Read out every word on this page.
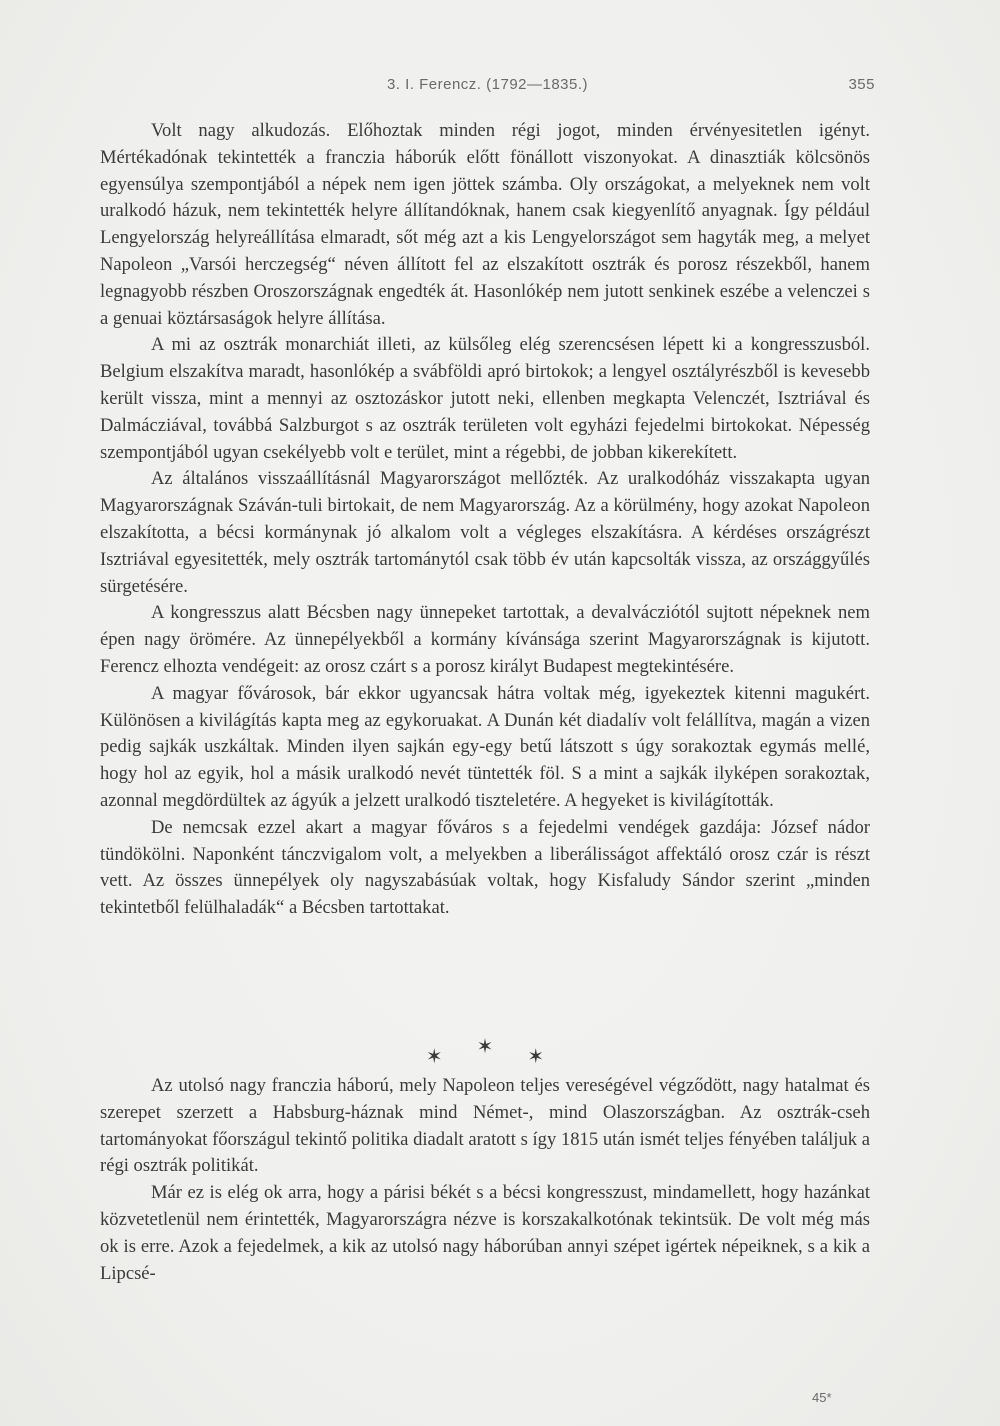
3. I. Ferencz. (1792—1835.)	355

Volt nagy alkudozás. Előhoztak minden régi jogot, minden érvényesitetlen igényt. Mértékadónak tekintették a franczia háborúk előtt fönállott viszonyokat. A dinasztiák kölcsönös egyensúlya szempontjából a népek nem igen jöttek számba. Oly országokat, a melyeknek nem volt uralkodó házuk, nem tekintették helyre állítandóknak, hanem csak kiegyenlítő anyagnak. Így például Lengyelország helyreállítása elmaradt, sőt még azt a kis Lengyelországot sem hagyták meg, a melyet Napoleon „Varsói herczegség“ néven állított fel az elszakított osztrák és porosz részekből, hanem legnagyobb részben Oroszországnak engedték át. Hasonlókép nem jutott senkinek eszébe a velenczei s a genuai köztársaságok helyre állítása.

A mi az osztrák monarchiát illeti, az külsőleg elég szerencsésen lépett ki a kongresszusból. Belgium elszakítva maradt, hasonlókép a svábföldi apró birtokok; a lengyel osztályrészből is kevesebb került vissza, mint a mennyi az osztozáskor jutott neki, ellenben megkapta Velenczét, Isztriával és Dalmácziával, továbbá Salzburgot s az osztrák területen volt egyházi fejedelmi birtokokat. Népesség szempontjából ugyan csekélyebb volt e terület, mint a régebbi, de jobban kikerekített.

Az általános visszaállításnál Magyarországot mellőzték. Az uralkodóház visszakapta ugyan Magyarországnak Száván-tuli birtokait, de nem Magyarország. Az a körülmény, hogy azokat Napoleon elszakította, a bécsi kormánynak jó alkalom volt a végleges elszakításra. A kérdéses országrészt Isztriával egyesitették, mely osztrák tartománytól csak több év után kapcsolták vissza, az országgyűlés sürgetésére.

A kongresszus alatt Bécsben nagy ünnepeket tartottak, a devalvácziótól sujtott népeknek nem épen nagy örömére. Az ünnepélyekből a kormány kívánsága szerint Magyarországnak is kijutott. Ferencz elhozta vendégeit: az orosz czárt s a porosz királyt Budapest megtekintésére.

A magyar fővárosok, bár ekkor ugyancsak hátra voltak még, igyekeztek kitenni magukért. Különösen a kivilágítás kapta meg az egykoruakat. A Dunán két diadalív volt felállítva, magán a vizen pedig sajkák uszkáltak. Minden ilyen sajkán egy-egy betű látszott s úgy sorakoztak egymás mellé, hogy hol az egyik, hol a másik uralkodó nevét tüntették föl. S a mint a sajkák ilyképen sorakoztak, azonnal megdördültek az ágyúk a jelzett uralkodó tiszteletére. A hegyeket is kivilágították.

De nemcsak ezzel akart a magyar főváros s a fejedelmi vendégek gazdája: József nádor tündökölni. Naponként tánczvigalom volt, a melyekben a liberálisságot affektáló orosz czár is részt vett. Az összes ünnepélyek oly nagyszabásúak voltak, hogy Kisfaludy Sándor szerint „minden tekintetből felülhaladák“ a Bécsben tartottakat.

✶ ✶ ✶

Az utolsó nagy franczia háború, mely Napoleon teljes vereségével végződött, nagy hatalmat és szerepet szerzett a Habsburg-háznak mind Német-, mind Olaszországban. Az osztrák-cseh tartományokat főországul tekintő politika diadalt aratott s így 1815 után ismét teljes fényében találjuk a régi osztrák politikát.

Már ez is elég ok arra, hogy a párisi békét s a bécsi kongresszust, mindamellett, hogy hazánkat közvetetlenül nem érintették, Magyarországra nézve is korszakalkotónak tekintsük. De volt még más ok is erre. Azok a fejedelmek, a kik az utolsó nagy háborúban annyi szépet igértek népeiknek, s a kik a Lipcsé-

45*
